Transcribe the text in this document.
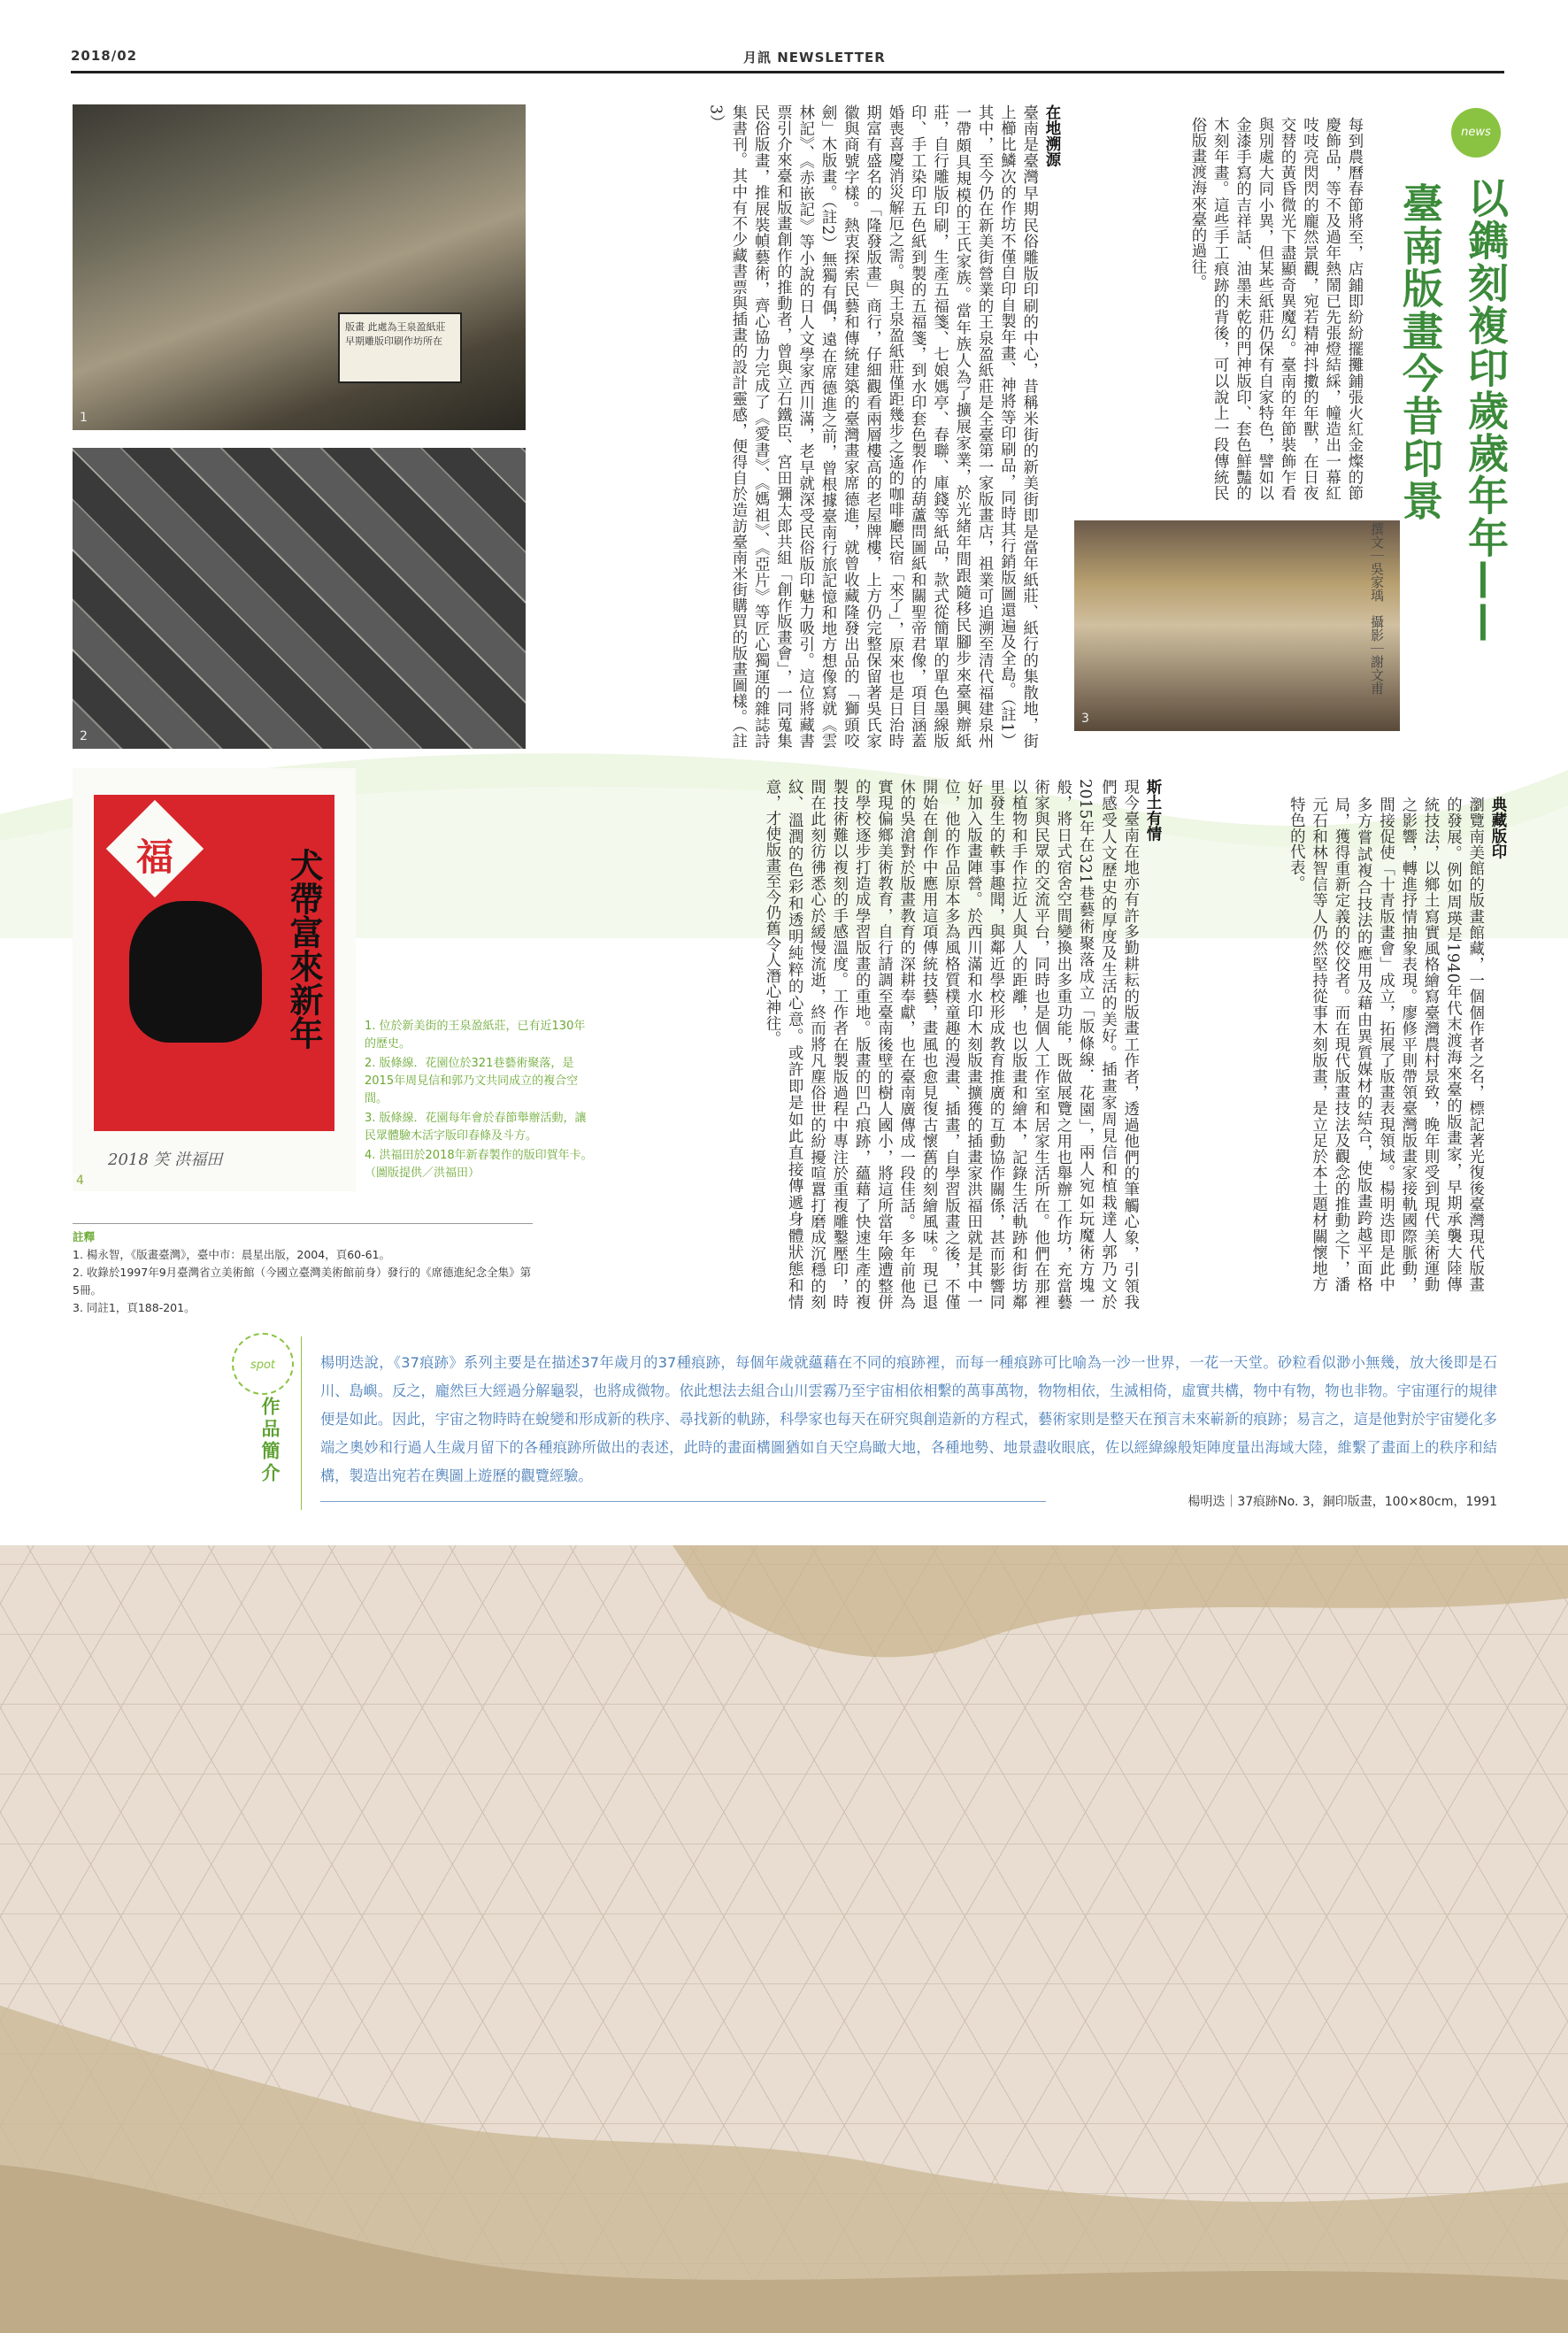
2018/02	月訊 NEWSLETTER
版畫 此處為王泉盈紙莊早期雕版印刷作坊所在
1
2
3
福	犬帶富來新年
2018 笑 洪福田
4
news
以鐫刻複印歲歲年年——
臺南版畫今昔印景
撰文｜吳家瑀　攝影｜謝文甫
每到農曆春節將至，店鋪即紛紛擺攤鋪張火紅金燦的節慶飾品，等不及過年熱鬧已先張燈結綵，幢造出一幕紅吱吱亮閃閃的龐然景觀，宛若精神抖擻的年獸，在日夜交替的黃昏微光下盡顯奇異魔幻。臺南的年節裝飾乍看與別處大同小異，但某些紙莊仍保有自家特色，譬如以金漆手寫的吉祥話、油墨未乾的門神版印、套色鮮豔的木刻年畫。這些手工痕跡的背後，可以說上一段傳統民俗版畫渡海來臺的過往。
在地溯源
臺南是臺灣早期民俗雕版印刷的中心，昔稱米街的新美街即是當年紙莊、紙行的集散地，街上櫛比鱗次的作坊不僅自印自製年畫、神將等印刷品，同時其行銷版圖還遍及全島。（註1）其中，至今仍在新美街營業的王泉盈紙莊是全臺第一家版畫店，祖業可追溯至清代福建泉州一帶頗具規模的王氏家族。當年族人為了擴展家業，於光緒年間跟隨移民腳步來臺興辦紙莊，自行雕版印刷，生產五福箋、七娘媽亭、春聯、庫錢等紙品，款式從簡單的單色墨線版印、手工染印五色紙到製的五福箋，到水印套色製作的葫蘆問圖紙和關聖帝君像，項目涵蓋婚喪喜慶消災解厄之需。與王泉盈紙莊僅距幾步之遙的咖啡廳民宿「來了」，原來也是日治時期富有盛名的「隆發版畫」商行，仔細觀看兩層樓高的老屋牌樓，上方仍完整保留著吳氏家徽與商號字樣。熱衷探索民藝和傳統建築的臺灣畫家席德進，就曾收藏隆發出品的「獅頭咬劍」木版畫。（註2）無獨有偶，遠在席德進之前，曾根據臺南行旅記憶和地方想像寫就《雲林記》、《赤嵌記》等小說的日人文學家西川滿，老早就深受民俗版印魅力吸引。這位將藏書票引介來臺和版畫創作的推動者，曾與立石鐵臣、宮田彌太郎共組「創作版畫會」，一同蒐集民俗版畫，推展裝幀藝術，齊心協力完成了《愛書》、《媽祖》、《亞片》等匠心獨運的雜誌詩集書刊。其中有不少藏書票與插畫的設計靈感，便得自於造訪臺南米街購買的版畫圖樣。（註3）
典藏版印
瀏覽南美館的版畫館藏，一個個作者之名，標記著光復後臺灣現代版畫的發展。例如周瑛是1940年代末渡海來臺的版畫家，早期承襲大陸傳統技法，以鄉土寫實風格繪寫臺灣農村景致，晚年則受到現代美術運動之影響，轉進抒情抽象表現。廖修平則帶領臺灣版畫家接軌國際脈動，間接促使「十青版畫會」成立，拓展了版畫表現領域。楊明迭即是此中多方嘗試複合技法的應用及藉由異質媒材的結合，使版畫跨越平面格局，獲得重新定義的佼佼者。而在現代版畫技法及觀念的推動之下，潘元石和林智信等人仍然堅持從事木刻版畫，是立足於本土題材關懷地方特色的代表。
斯土有情
現今臺南在地亦有許多勤耕耘的版畫工作者，透過他們的筆觸心象，引領我們感受人文歷史的厚度及生活的美好。插畫家周見信和植栽達人郭乃文於2015年在321巷藝術聚落成立「版條線．花園」，兩人宛如玩魔術方塊一般，將日式宿舍空間變換出多重功能，既做展覽之用也舉辦工作坊，充當藝術家與民眾的交流平台，同時也是個人工作室和居家生活所在。他們在那裡以植物和手作拉近人與人的距離，也以版畫和繪本，記錄生活軌跡和街坊鄰里發生的軼事趣聞，與鄰近學校形成教育推廣的互動協作關係，甚而影響同好加入版畫陣營。於西川滿和水印木刻版畫擴獲的插畫家洪福田就是其中一位，他的作品原本多為風格質樸童趣的漫畫、插畫，自學習版畫之後，不僅開始在創作中應用這項傳統技藝，畫風也愈見復古懷舊的刻繪風味。現已退休的吳滄對於版畫教育的深耕奉獻，也在臺南廣傳成一段佳話。多年前他為實現偏鄉美術教育，自行請調至臺南後壁的樹人國小，將這所當年險遭整併的學校逐步打造成學習版畫的重地。版畫的凹凸痕跡，蘊藉了快速生產的複製技術難以複刻的手感溫度。工作者在製版過程中專注於重複雕鑿壓印，時間在此刻彷彿悉心於緩慢流逝，終而將凡塵俗世的紛擾喧囂打磨成沉穩的刻紋、溫潤的色彩和透明純粹的心意。或許即是如此直接傳遞身體狀態和情意，才使版畫至今仍舊令人潛心神往。

1. 位於新美街的王泉盈紙莊，已有近130年的歷史。

2. 版條線．花園位於321巷藝術聚落，是2015年周見信和郭乃文共同成立的複合空間。

3. 版條線．花園每年會於春節舉辦活動，讓民眾體驗木活字版印春條及斗方。

4. 洪福田於2018年新春製作的版印賀年卡。（圖版提供／洪福田）

註釋
1. 楊永智，《版畫臺灣》，臺中市：晨星出版，2004，頁60-61。
2. 收錄於1997年9月臺灣省立美術館（今國立臺灣美術館前身）發行的《席德進紀念全集》第5冊。
3. 同註1，頁188-201。
spot
作品簡介
楊明迭說，《37痕跡》系列主要是在描述37年歲月的37種痕跡，每個年歲就蘊藉在不同的痕跡裡，而每一種痕跡可比喻為一沙一世界，一花一天堂。砂粒看似渺小無幾，放大後即是石川、島嶼。反之，龐然巨大經過分解龜裂，也將成微物。依此想法去組合山川雲霧乃至宇宙相依相繫的萬事萬物，物物相依，生滅相倚，虛實共構，物中有物，物也非物。宇宙運行的規律便是如此。因此，宇宙之物時時在蛻變和形成新的秩序、尋找新的軌跡，科學家也每天在研究與創造新的方程式，藝術家則是整天在預言未來嶄新的痕跡；易言之，這是他對於宇宙變化多端之奧妙和行過人生歲月留下的各種痕跡所做出的表述，此時的畫面構圖猶如自天空鳥瞰大地，各種地勢、地景盡收眼底，佐以經緯線般矩陣度量出海域大陸，維繫了畫面上的秩序和結構，製造出宛若在輿圖上遊歷的觀覽經驗。
楊明迭｜37痕跡No. 3，銅印版畫，100×80cm，1991
